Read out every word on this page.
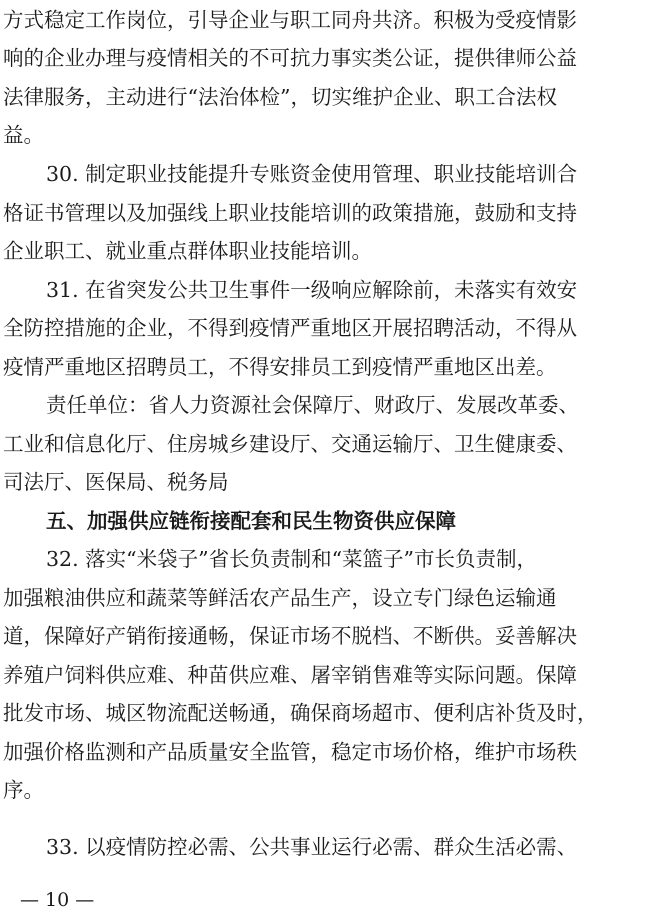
方式稳定工作岗位，引导企业与职工同舟共济。积极为受疫情影
响的企业办理与疫情相关的不可抗力事实类公证，提供律师公益
法律服务，主动进行“法治体检”，切实维护企业、职工合法权
益。
30. 制定职业技能提升专账资金使用管理、职业技能培训合
格证书管理以及加强线上职业技能培训的政策措施，鼓励和支持
企业职工、就业重点群体职业技能培训。
31. 在省突发公共卫生事件一级响应解除前，未落实有效安
全防控措施的企业，不得到疫情严重地区开展招聘活动，不得从
疫情严重地区招聘员工，不得安排员工到疫情严重地区出差。
责任单位：省人力资源社会保障厅、财政厅、发展改革委、
工业和信息化厅、住房城乡建设厅、交通运输厅、卫生健康委、
司法厅、医保局、税务局
五、加强供应链衔接配套和民生物资供应保障
32. 落实“米袋子”省长负责制和“菜篮子”市长负责制，
加强粮油供应和蔬菜等鲜活农产品生产，设立专门绿色运输通
道，保障好产销衔接通畅，保证市场不脱档、不断供。妥善解决
养殖户饲料供应难、种苗供应难、屠宰销售难等实际问题。保障
批发市场、城区物流配送畅通，确保商场超市、便利店补货及时，
加强价格监测和产品质量安全监管，稳定市场价格，维护市场秩
序。
33. 以疫情防控必需、公共事业运行必需、群众生活必需、
— 10 —
